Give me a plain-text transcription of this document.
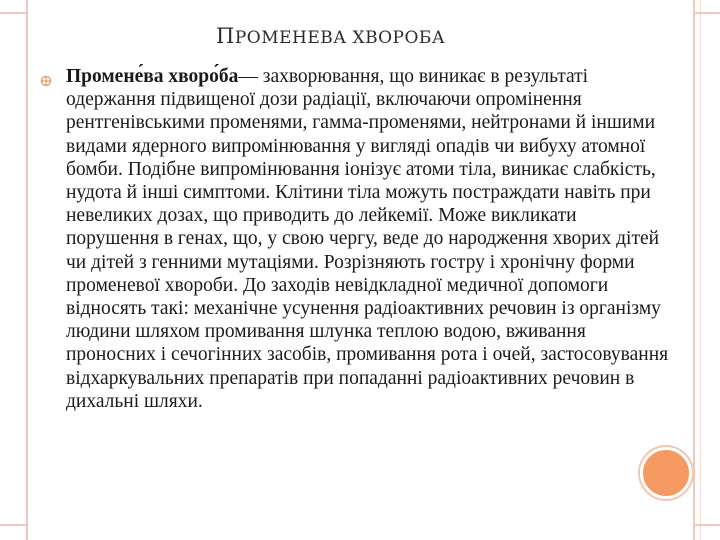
ПРОМЕНЕВА ХВОРОБА
Промене́ва хворо́ба— захворювання, що виникає в результаті одержання підвищеної дози радіації, включаючи опромінення рентгенівськими променями, гамма-променями, нейтронами й іншими видами ядерного випромінювання у вигляді опадів чи вибуху атомної бомби. Подібне випромінювання іонізує атоми тіла, виникає слабкість, нудота й інші симптоми. Клітини тіла можуть постраждати навіть при невеликих дозах, що приводить до лейкемії. Може викликати порушення в генах, що, у свою чергу, веде до народження хворих дітей чи дітей з генними мутаціями. Розрізняють гостру і хронічну форми променевої хвороби. До заходів невідкладної медичної допомоги відносять такі: механічне усунення радіоактивних речовин із організму людини шляхом промивання шлунка теплою водою, вживання проносних і сечогінних засобів, промивання рота і очей, застосовування відхаркувальних препаратів при попаданні радіоактивних речовин в дихальні шляхи.
